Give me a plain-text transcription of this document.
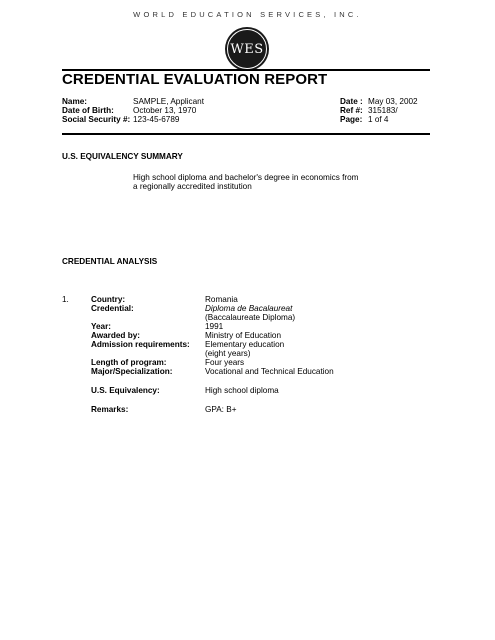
WORLD EDUCATION SERVICES, INC.
WES
CREDENTIAL EVALUATION REPORT
Name:	SAMPLE, Applicant
Date of Birth: October 13, 1970
Social Security #: 123-45-6789
Date : May 03, 2002
Ref #: 315183/
Page: 1 of 4
U.S. EQUIVALENCY SUMMARY
High school diploma and bachelor's degree in economics from
a regionally accredited institution
CREDENTIAL ANALYSIS
1.	Country:	Romania
Credential:	Diploma de Bacalaureat
(Baccalaureate Diploma)
Year:	1991
Awarded by:	Ministry of Education
Admission requirements: Elementary education
(eight years)
Length of program:	Four years
Major/Specialization:	Vocational and Technical Education
U.S. Equivalency:	High school diploma
Remarks:	GPA: B+
